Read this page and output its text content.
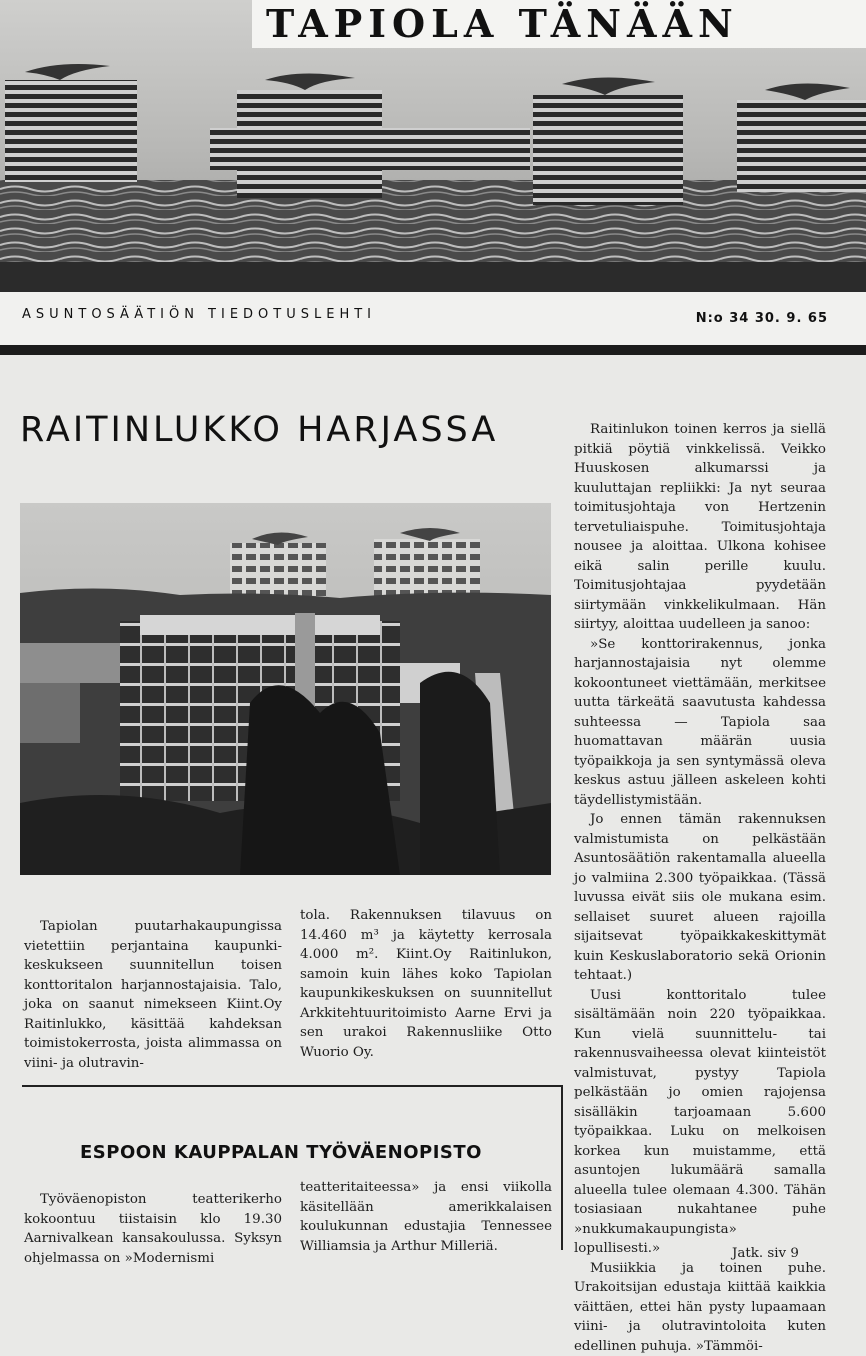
TAPIOLA TÄNÄÄN
ASUNTOSÄÄTIÖN TIEDOTUSLEHTI	N:o 34 30. 9. 65
RAITINLUKKO HARJASSA

Tapiolan puutarhakaupungissa vietettiin perjantaina kaupunki-keskukseen suunnitellun toisen konttoritalon harjannostajaisia. Talo, joka on saanut nimekseen Kiint.Oy Raitinlukko, käsittää kahdeksan toimistokerrosta, joista alimmassa on viini- ja olutravin-

tola. Rakennuksen tilavuus on 14.460 m³ ja käytetty kerrosala 4.000 m². Kiint.Oy Raitinlukon, samoin kuin lähes koko Tapiolan kaupunkikeskuksen on suunnitellut Arkkitehtuuritoimisto Aarne Ervi ja sen urakoi Rakennusliike Otto Wuorio Oy.

Raitinlukon toinen kerros ja siellä pitkiä pöytiä vinkkelissä. Veikko Huuskosen alkumarssi ja kuuluttajan repliikki: Ja nyt seuraa toimitusjohtaja von Hertzenin tervetuliaispuhe. Toimitusjohtaja nousee ja aloittaa. Ulkona kohisee eikä salin perille kuulu. Toimitusjohtajaa pyydetään siirtymään vinkkelikulmaan. Hän siirtyy, aloittaa uudelleen ja sanoo:

»Se konttorirakennus, jonka harjannostajaisia nyt olemme kokoontuneet viettämään, merkitsee uutta tärkeätä saavutusta kahdessa suhteessa — Tapiola saa huomattavan määrän uusia työpaikkoja ja sen syntymässä oleva keskus astuu jälleen askeleen kohti täydellistymistään.

Jo ennen tämän rakennuksen valmistumista on pelkästään Asuntosäätiön rakentamalla alueella jo valmiina 2.300 työpaikkaa. (Tässä luvussa eivät siis ole mukana esim. sellaiset suuret alueen rajoilla sijaitsevat työpaikkakeskittymät kuin Keskuslaboratorio sekä Orionin tehtaat.)

Uusi konttoritalo tulee sisältämään noin 220 työpaikkaa. Kun vielä suunnittelu- tai rakennusvaiheessa olevat kiinteistöt valmistuvat, pystyy Tapiola pelkästään jo omien rajojensa sisälläkin tarjoamaan 5.600 työpaikkaa. Luku on melkoisen korkea kun muistamme, että asuntojen lukumäärä samalla alueella tulee olemaan 4.300. Tähän tosiasiaan nukahtanee puhe »nukkumakaupungista» lopullisesti.»

Musiikkia ja toinen puhe. Urakoitsijan edustaja kiittää kaikkia väittäen, ettei hän pysty lupaamaan viini- ja olutravintoloita kuten edellinen puhuja. »Tämmöi-

Jatk. siv 9
ESPOON KAUPPALAN TYÖVÄENOPISTO

Työväenopiston teatterikerho kokoontuu tiistaisin klo 19.30 Aarnivalkean kansakoulussa. Syksyn ohjelmassa on »Modernismi

teatteritaiteessa» ja ensi viikolla käsitellään amerikkalaisen koulukunnan edustajia Tennessee Williamsia ja Arthur Milleriä.
